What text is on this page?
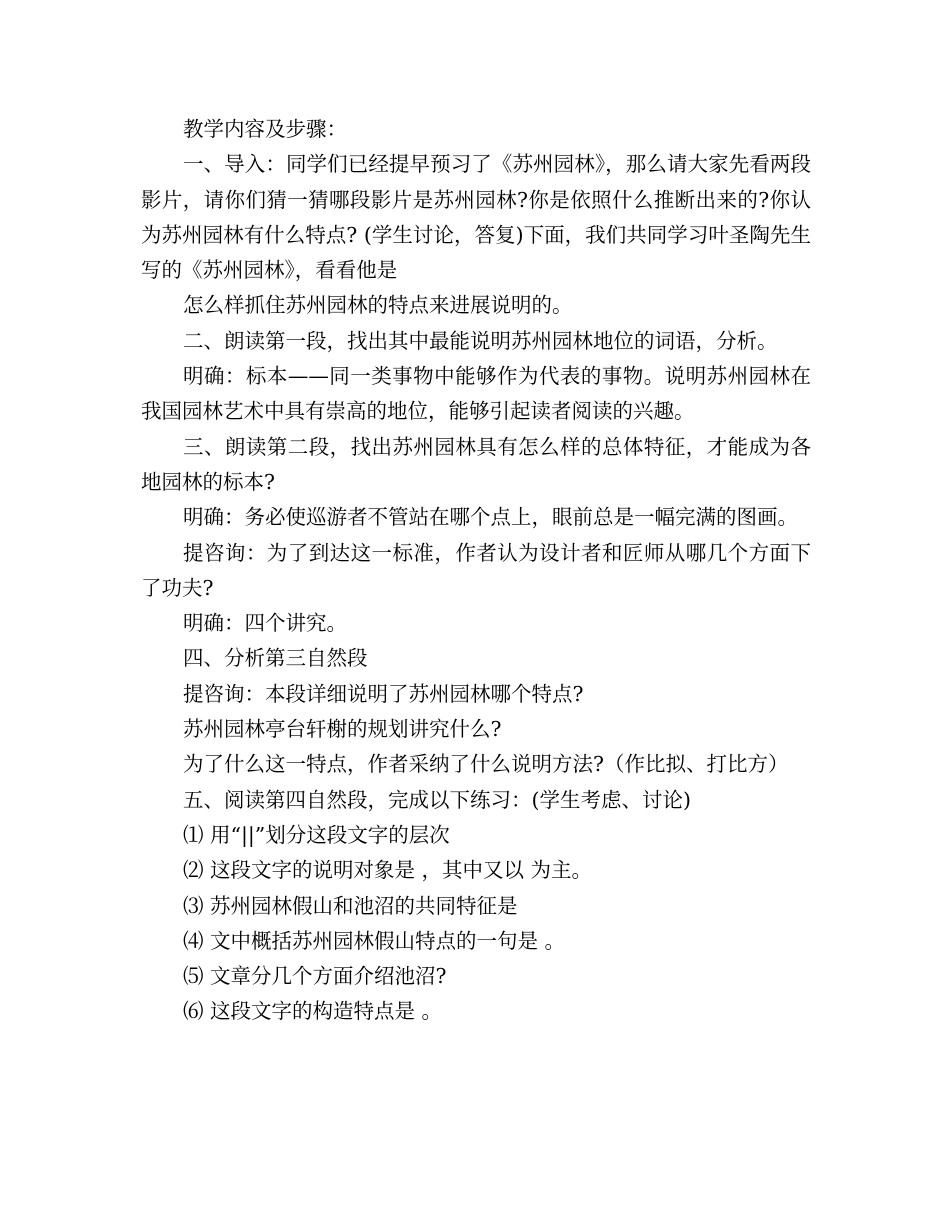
教学内容及步骤：

一、导入：同学们已经提早预习了《苏州园林》，那么请大家先看两段影片，请你们猜一猜哪段影片是苏州园林?你是依照什么推断出来的?你认为苏州园林有什么特点? (学生讨论，答复)下面，我们共同学习叶圣陶先生写的《苏州园林》，看看他是

怎么样抓住苏州园林的特点来进展说明的。

二、朗读第一段，找出其中最能说明苏州园林地位的词语，分析。

明确：标本——同一类事物中能够作为代表的事物。说明苏州园林在我国园林艺术中具有崇高的地位，能够引起读者阅读的兴趣。

三、朗读第二段，找出苏州园林具有怎么样的总体特征，才能成为各地园林的标本?

明确：务必使巡游者不管站在哪个点上，眼前总是一幅完满的图画。

提咨询：为了到达这一标准，作者认为设计者和匠师从哪几个方面下了功夫?

明确：四个讲究。

四、分析第三自然段

提咨询：本段详细说明了苏州园林哪个特点?

苏州园林亭台轩榭的规划讲究什么?

为了什么这一特点，作者采纳了什么说明方法?（作比拟、打比方）

五、阅读第四自然段，完成以下练习：(学生考虑、讨论)

⑴ 用“||”划分这段文字的层次

⑵ 这段文字的说明对象是 ，其中又以 为主。

⑶ 苏州园林假山和池沼的共同特征是

⑷ 文中概括苏州园林假山特点的一句是 。

⑸ 文章分几个方面介绍池沼?

⑹ 这段文字的构造特点是 。
